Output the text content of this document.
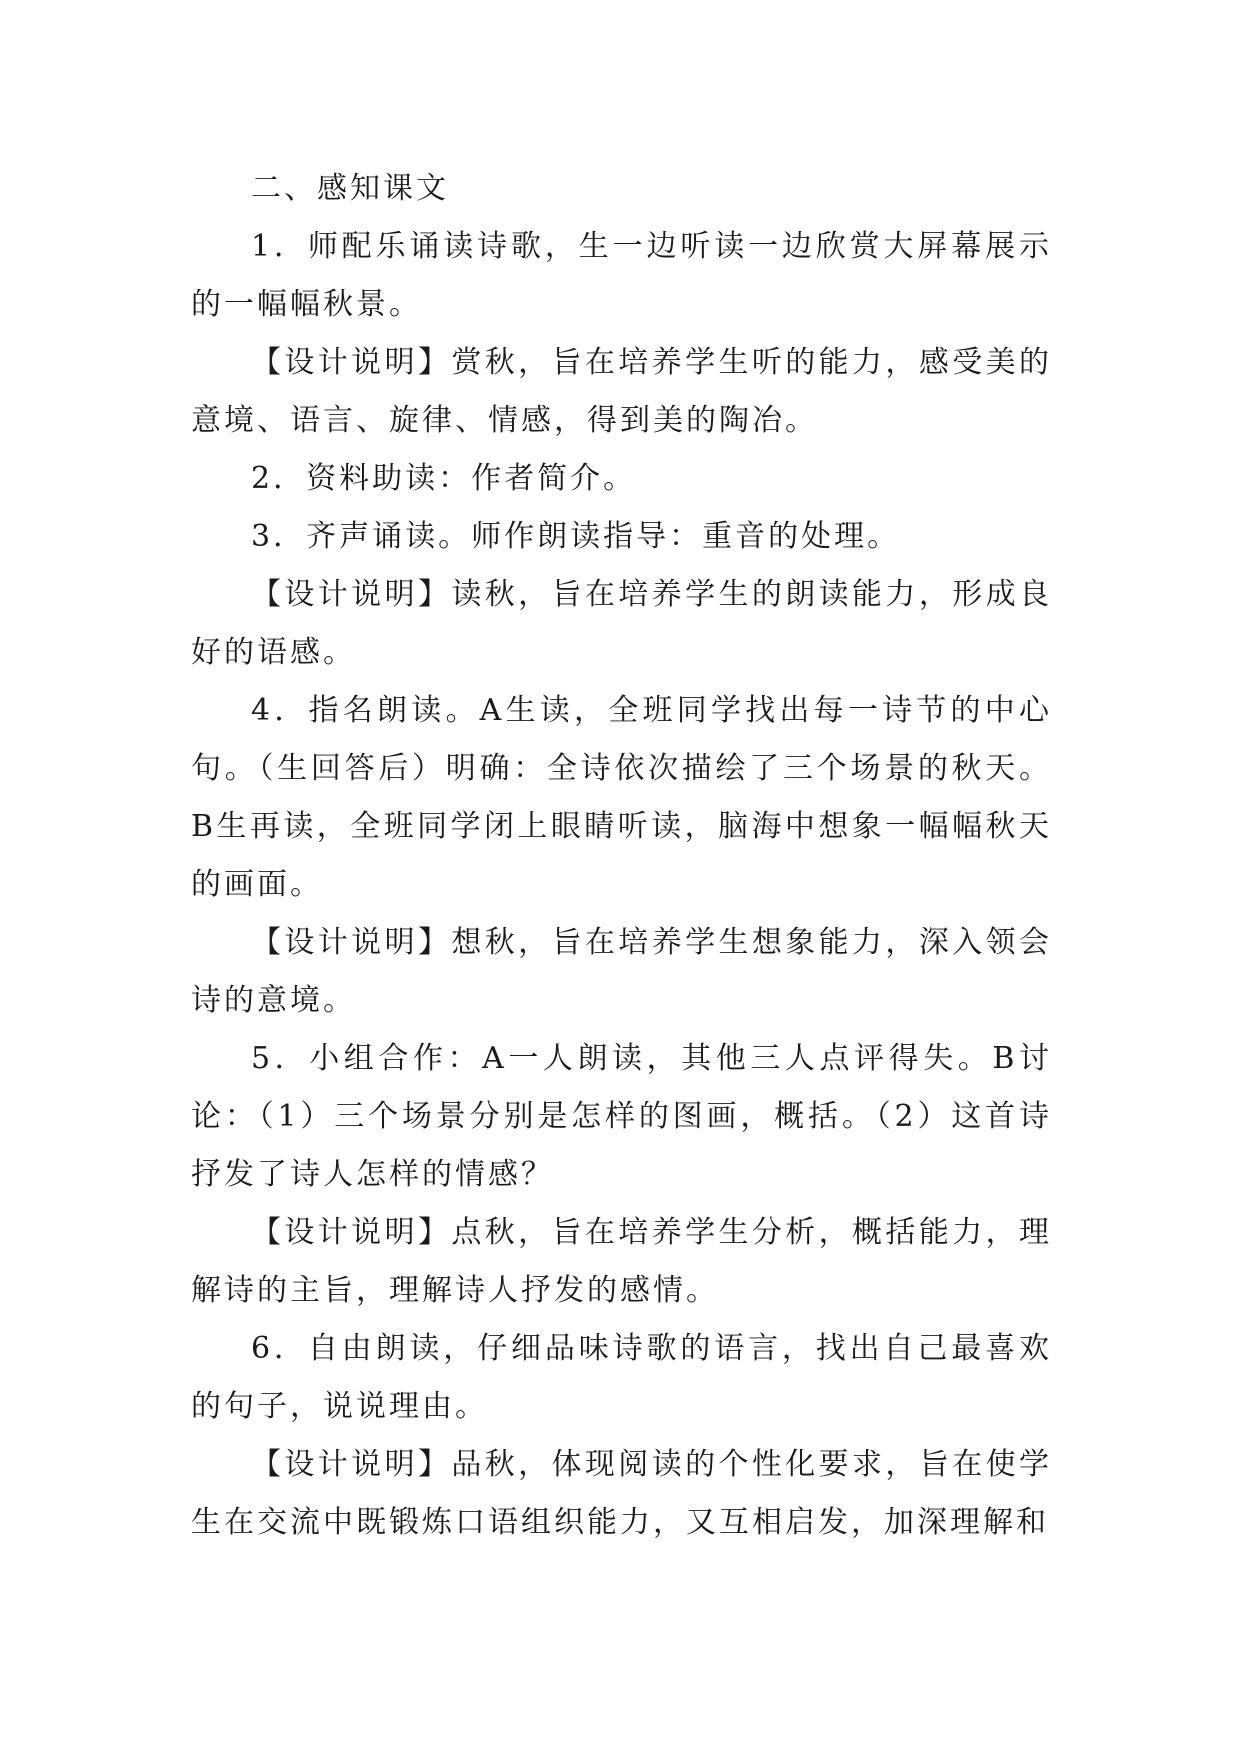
二、感知课文

1．师配乐诵读诗歌，生一边听读一边欣赏大屏幕展示的一幅幅秋景。

【设计说明】赏秋，旨在培养学生听的能力，感受美的意境、语言、旋律、情感，得到美的陶冶。

2．资料助读：作者简介。

3．齐声诵读。师作朗读指导：重音的处理。

【设计说明】读秋，旨在培养学生的朗读能力，形成良好的语感。

4．指名朗读。A生读，全班同学找出每一诗节的中心句。（生回答后）明确：全诗依次描绘了三个场景的秋天。B生再读，全班同学闭上眼睛听读，脑海中想象一幅幅秋天的画面。

【设计说明】想秋，旨在培养学生想象能力，深入领会诗的意境。

5．小组合作：A一人朗读，其他三人点评得失。B讨论：（1）三个场景分别是怎样的图画，概括。（2）这首诗抒发了诗人怎样的情感？

【设计说明】点秋，旨在培养学生分析，概括能力，理解诗的主旨，理解诗人抒发的感情。

6．自由朗读，仔细品味诗歌的语言，找出自己最喜欢的句子，说说理由。

【设计说明】品秋，体现阅读的个性化要求，旨在使学生在交流中既锻炼口语组织能力，又互相启发，加深理解和
